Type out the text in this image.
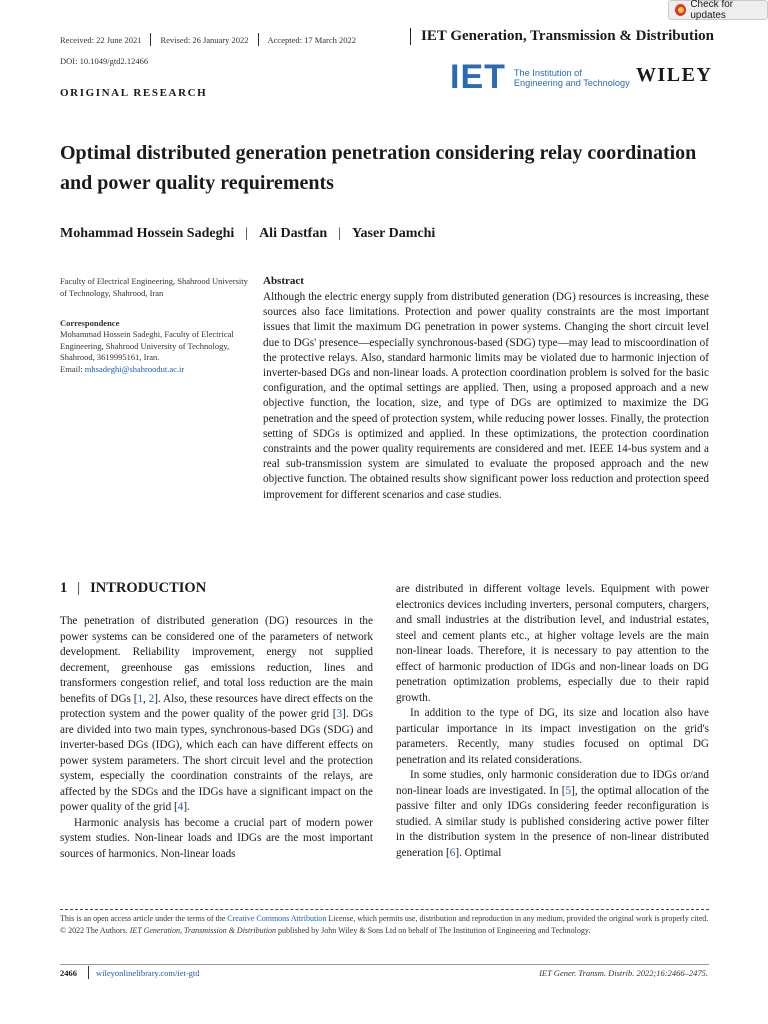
Check for updates
Received: 22 June 2021 Revised: 26 January 2022 Accepted: 17 March 2022	IET Generation, Transmission & Distribution
DOI: 10.1049/gtd2.12466	IET The Institution of
Engineering and Technology WILEY
ORIGINAL RESEARCH
Optimal distributed generation penetration considering relay coordination and power quality requirements
Mohammad Hossein Sadeghi | Ali Dastfan | Yaser Damchi
Faculty of Electrical Engineering, Shahrood University of Technology, Shahrood, Iran
Correspondence
Mohammad Hossein Sadeghi, Faculty of Electrical Engineering, Shahrood University of Technology, Shahrood, 3619995161, Iran.
Email: mhsadeghi@shahroodut.ac.ir
Abstract
Although the electric energy supply from distributed generation (DG) resources is increasing, these sources also face limitations. Protection and power quality constraints are the most important issues that limit the maximum DG penetration in power systems. Changing the short circuit level due to DGs' presence—especially synchronous-based (SDG) type—may lead to miscoordination of the protective relays. Also, standard harmonic limits may be violated due to harmonic injection of inverter-based DGs and non-linear loads. A protection coordination problem is solved for the basic configuration, and the optimal settings are applied. Then, using a proposed approach and a new objective function, the location, size, and type of DGs are optimized to maximize the DG penetration and the speed of protection system, while reducing power losses. Finally, the protection setting of SDGs is optimized and applied. In these optimizations, the protection coordination constraints and the power quality requirements are considered and met. IEEE 14-bus system and a real sub-transmission system are simulated to evaluate the proposed approach and the new objective function. The obtained results show significant power loss reduction and protection speed improvement for different scenarios and case studies.
1 | INTRODUCTION

The penetration of distributed generation (DG) resources in the power systems can be considered one of the parameters of network development. Reliability improvement, energy not supplied decrement, greenhouse gas emissions reduction, lines and transformers congestion relief, and total loss reduction are the main benefits of DGs [1, 2]. Also, these resources have direct effects on the protection system and the power quality of the power grid [3]. DGs are divided into two main types, synchronous-based DGs (SDG) and inverter-based DGs (IDG), which each can have different effects on power system parameters. The short circuit level and the protection system, especially the coordination constraints of the relays, are affected by the SDGs and the IDGs have a significant impact on the power quality of the grid [4].

Harmonic analysis has become a crucial part of modern power system studies. Non-linear loads and IDGs are the most important sources of harmonics. Non-linear loads

are distributed in different voltage levels. Equipment with power electronics devices including inverters, personal computers, chargers, and small industries at the distribution level, and industrial estates, steel and cement plants etc., at higher voltage levels are the main non-linear loads. Therefore, it is necessary to pay attention to the effect of harmonic production of IDGs and non-linear loads on DG penetration optimization problems, especially due to their rapid growth.

In addition to the type of DG, its size and location also have particular importance in its impact investigation on the grid's parameters. Recently, many studies focused on optimal DG penetration and its related considerations.

In some studies, only harmonic consideration due to IDGs or/and non-linear loads are investigated. In [5], the optimal allocation of the passive filter and only IDGs considering feeder reconfiguration is studied. A similar study is published considering active power filter in the distribution system in the presence of non-linear distributed generation [6]. Optimal

This is an open access article under the terms of the Creative Commons Attribution License, which permits use, distribution and reproduction in any medium, provided the original work is properly cited.
© 2022 The Authors. IET Generation, Transmission & Distribution published by John Wiley & Sons Ltd on behalf of The Institution of Engineering and Technology.
2466 wileyonlinelibrary.com/iet-gtd	IET Gener. Transm. Distrib. 2022;16:2466–2475.
